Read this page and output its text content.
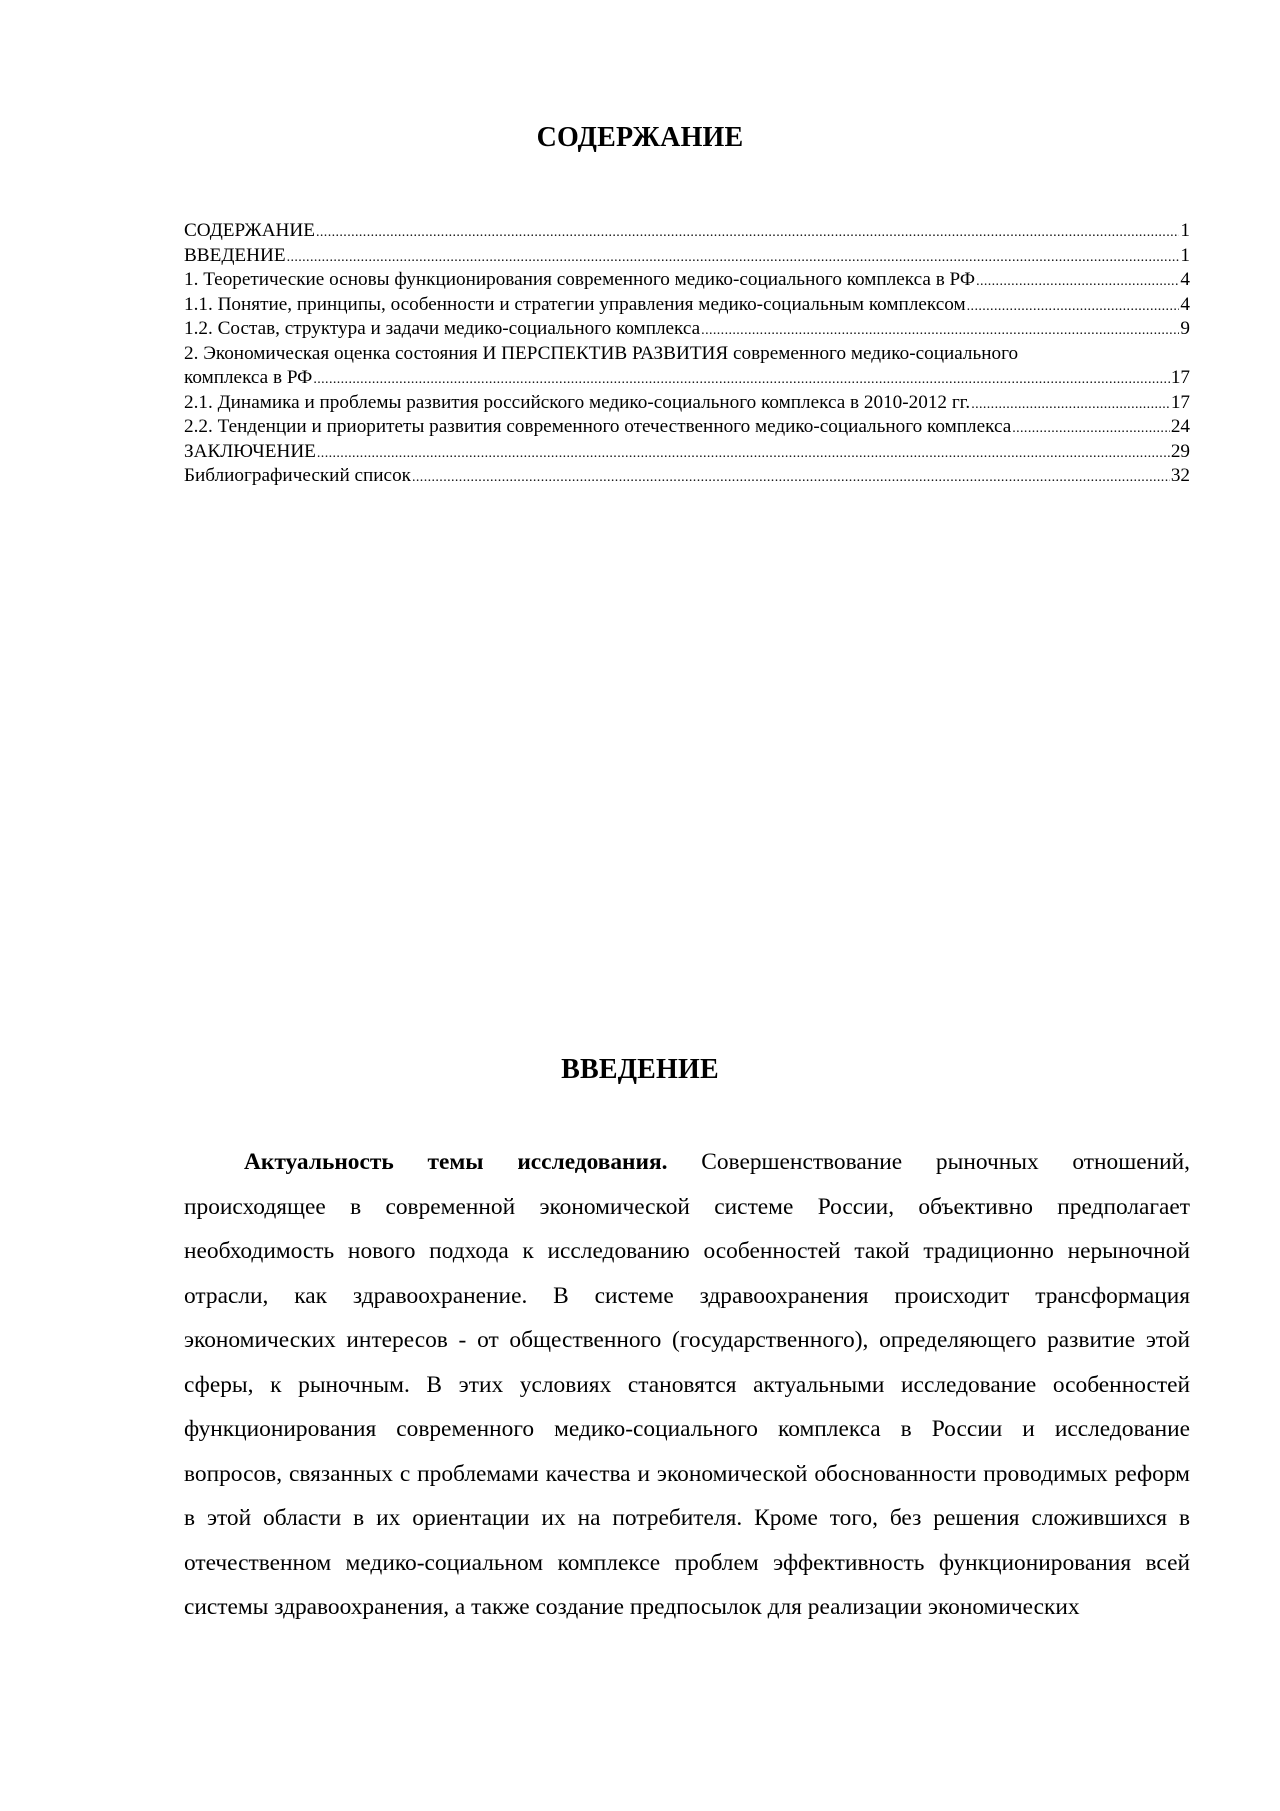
СОДЕРЖАНИЕ
СОДЕРЖАНИЕ .....	1
ВВЕДЕНИЕ .....	1
1. Теоретические основы функционирования современного медико-социального комплекса в РФ .....	4
1.1. Понятие, принципы, особенности и стратегии управления медико-социальным комплексом .....	4
1.2. Состав, структура и задачи медико-социального комплекса .....	9
2. Экономическая оценка состояния И ПЕРСПЕКТИВ РАЗВИТИЯ современного медико-социального
комплекса в РФ .....	17
2.1. Динамика и проблемы развития российского медико-социального комплекса в 2010-2012 гг. .....	17
2.2. Тенденции и приоритеты развития современного отечественного медико-социального комплекса .....	24
ЗАКЛЮЧЕНИЕ .....	29
Библиографический список .....	32
ВВЕДЕНИЕ

Актуальность темы исследования. Совершенствование рыночных отношений, происходящее в современной экономической системе России, объективно предполагает необходимость нового подхода к исследованию особенностей такой традиционно нерыночной отрасли, как здравоохранение. В системе здравоохранения происходит трансформация экономических интересов - от общественного (государственного), определяющего развитие этой сферы, к рыночным. В этих условиях становятся актуальными исследование особенностей функционирования современного медико-социального комплекса в России и исследование вопросов, связанных с проблемами качества и экономической обоснованности проводимых реформ в этой области в их ориентации их на потребителя. Кроме того, без решения сложившихся в отечественном медико-социальном комплексе проблем эффективность функционирования всей системы здравоохранения, а также создание предпосылок для реализации экономических
